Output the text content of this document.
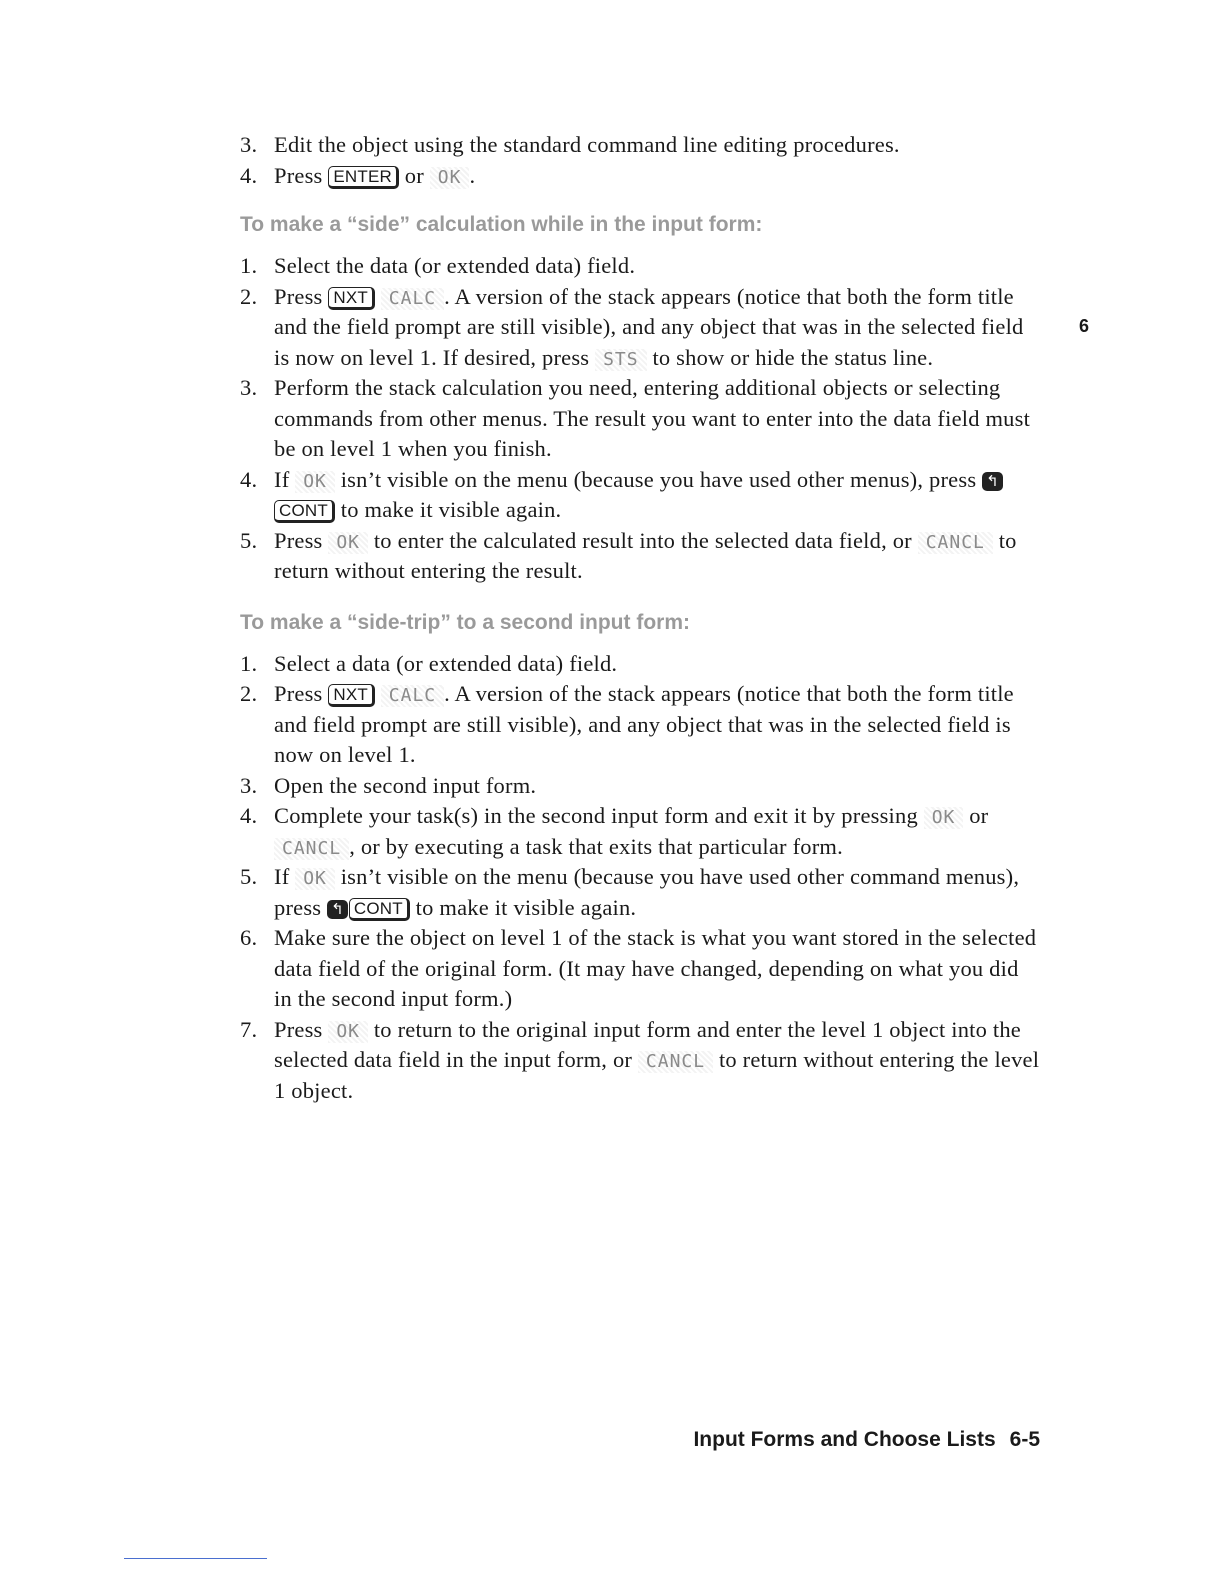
3. Edit the object using the standard command line editing procedures.
4. Press ENTER or OK .
To make a “side” calculation while in the input form:
1. Select the data (or extended data) field.
2. Press NXT CALC . A version of the stack appears (notice that both the form title and the field prompt are still visible), and any object that was in the selected field is now on level 1. If desired, press STS to show or hide the status line.
3. Perform the stack calculation you need, entering additional objects or selecting commands from other menus. The result you want to enter into the data field must be on level 1 when you finish.
4. If OK isn’t visible on the menu (because you have used other menus), press ↰CONT to make it visible again.
5. Press OK to enter the calculated result into the selected data field, or CANCL to return without entering the result.
To make a “side-trip” to a second input form:
1. Select a data (or extended data) field.
2. Press NXT CALC . A version of the stack appears (notice that both the form title and field prompt are still visible), and any object that was in the selected field is now on level 1.
3. Open the second input form.
4. Complete your task(s) in the second input form and exit it by pressing OK or CANCL , or by executing a task that exits that particular form.
5. If OK isn’t visible on the menu (because you have used other command menus), press ↰ CONT to make it visible again.
6. Make sure the object on level 1 of the stack is what you want stored in the selected data field of the original form. (It may have changed, depending on what you did in the second input form.)
7. Press OK to return to the original input form and enter the level 1 object into the selected data field in the input form, or CANCL to return without entering the level 1 object.
6
Input Forms and Choose Lists 6-5
